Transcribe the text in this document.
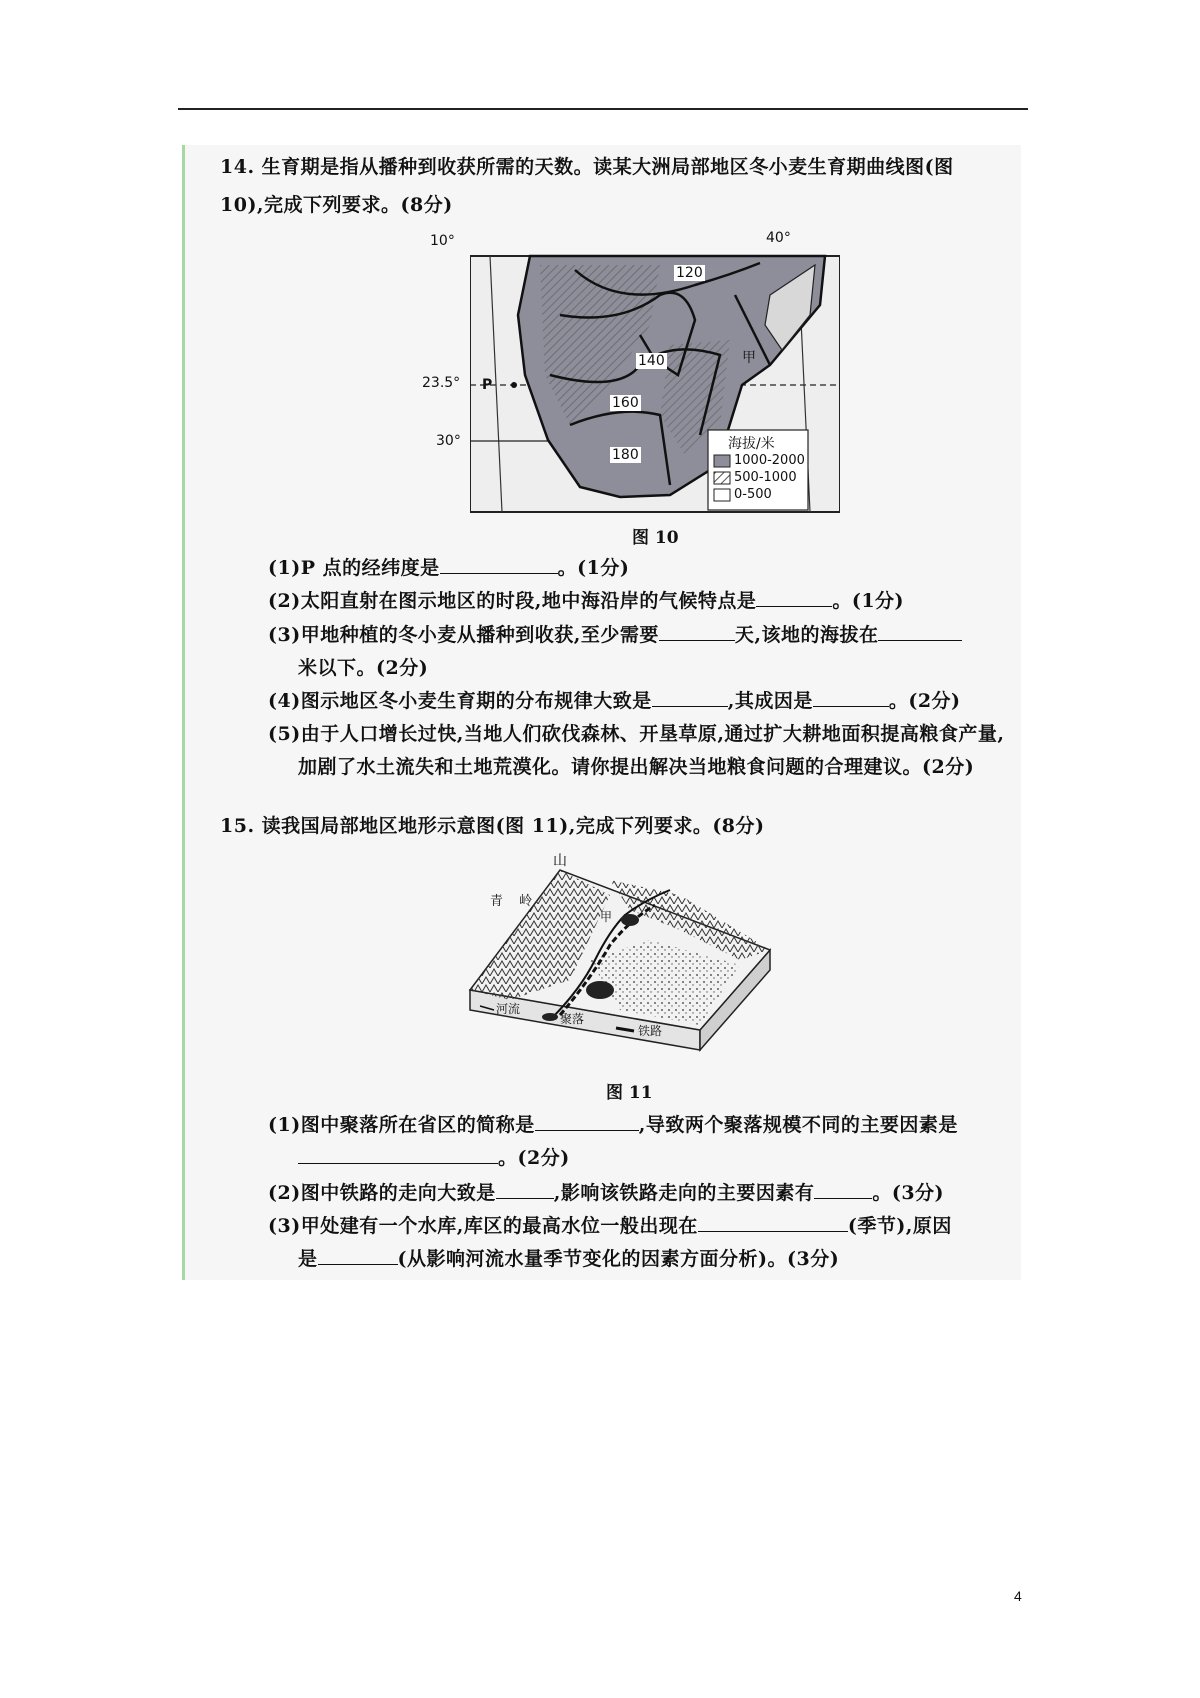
14. 生育期是指从播种到收获所需的天数。读某大洲局部地区冬小麦生育期曲线图(图
10),完成下列要求。(8分)
10°	40°
23.5°
30°
P
甲
120
140
160
180
海拔/米
1000-2000
500-1000
0-500
图 10
(1)P 点的经纬度是	。(1分)
(2)太阳直射在图示地区的时段,地中海沿岸的气候特点是	。(1分)
(3)甲地种植的冬小麦从播种到收获,至少需要	天,该地的海拔在
米以下。(2分)
(4)图示地区冬小麦生育期的分布规律大致是	,其成因是	。(2分)
(5)由于人口增长过快,当地人们砍伐森林、开垦草原,通过扩大耕地面积提高粮食产量,
加剧了水土流失和土地荒漠化。请你提出解决当地粮食问题的合理建议。(2分)
15. 读我国局部地区地形示意图(图 11),完成下列要求。(8分)
山
青 岭
甲
河流
聚落
铁路
图 11
(1)图中聚落所在省区的简称是	,导致两个聚落规模不同的主要因素是
。(2分)
(2)图中铁路的走向大致是	,影响该铁路走向的主要因素有	。(3分)
(3)甲处建有一个水库,库区的最高水位一般出现在	(季节),原因
是	(从影响河流水量季节变化的因素方面分析)。(3分)
4
